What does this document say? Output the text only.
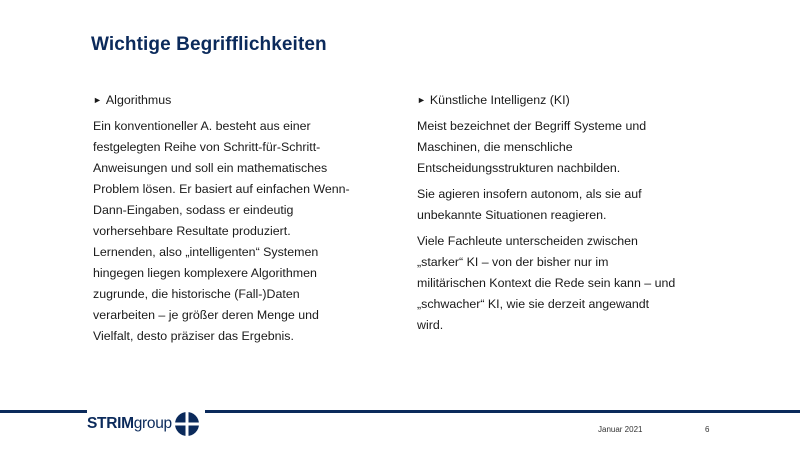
Wichtige Begrifflichkeiten
► Algorithmus

Ein konventioneller A. besteht aus einer
festgelegten Reihe von Schritt-für-Schritt-
Anweisungen und soll ein mathematisches
Problem lösen. Er basiert auf einfachen Wenn-
Dann-Eingaben, sodass er eindeutig
vorhersehbare Resultate produziert.
Lernenden, also „intelligenten“ Systemen
hingegen liegen komplexere Algorithmen
zugrunde, die historische (Fall-)Daten
verarbeiten – je größer deren Menge und
Vielfalt, desto präziser das Ergebnis.

► Künstliche Intelligenz (KI)

Meist bezeichnet der Begriff Systeme und
Maschinen, die menschliche
Entscheidungsstrukturen nachbilden.

Sie agieren insofern autonom, als sie auf
unbekannte Situationen reagieren.

Viele Fachleute unterscheiden zwischen
„starker“ KI – von der bisher nur im
militärischen Kontext die Rede sein kann – und
„schwacher“ KI, wie sie derzeit angewandt
wird.

STRIMgroup	Januar 2021	6
